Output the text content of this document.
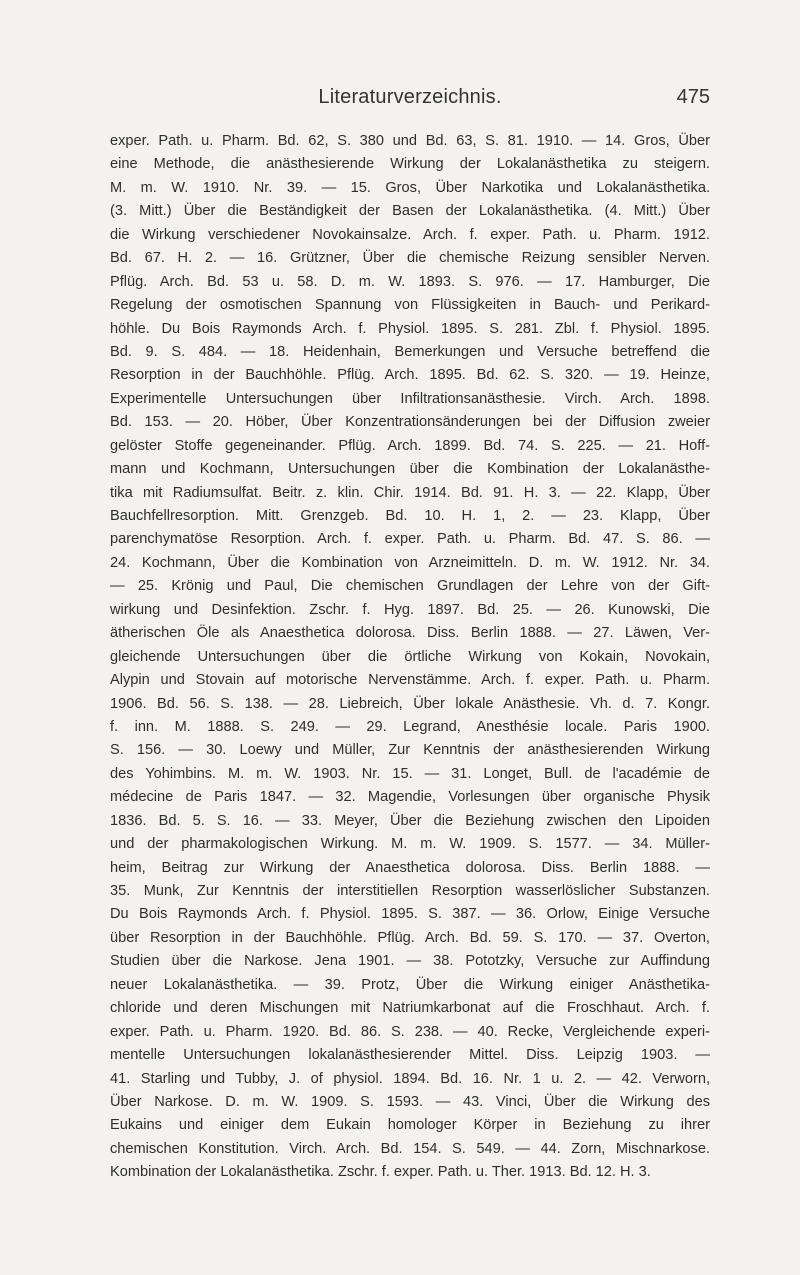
Literaturverzeichnis.	475
exper. Path. u. Pharm. Bd. 62, S. 380 und Bd. 63, S. 81. 1910. — 14. Gros, Über
eine Methode, die anästhesierende Wirkung der Lokalanästhetika zu steigern.
M. m. W. 1910. Nr. 39. — 15. Gros, Über Narkotika und Lokalanästhetika.
(3. Mitt.) Über die Beständigkeit der Basen der Lokalanästhetika. (4. Mitt.) Über
die Wirkung verschiedener Novokainsalze. Arch. f. exper. Path. u. Pharm. 1912.
Bd. 67. H. 2. — 16. Grützner, Über die chemische Reizung sensibler Nerven.
Pflüg. Arch. Bd. 53 u. 58. D. m. W. 1893. S. 976. — 17. Hamburger, Die
Regelung der osmotischen Spannung von Flüssigkeiten in Bauch- und Perikard-
höhle. Du Bois Raymonds Arch. f. Physiol. 1895. S. 281. Zbl. f. Physiol. 1895.
Bd. 9. S. 484. — 18. Heidenhain, Bemerkungen und Versuche betreffend die
Resorption in der Bauchhöhle. Pflüg. Arch. 1895. Bd. 62. S. 320. — 19. Heinze,
Experimentelle Untersuchungen über Infiltrationsanästhesie. Virch. Arch. 1898.
Bd. 153. — 20. Höber, Über Konzentrationsänderungen bei der Diffusion zweier
gelöster Stoffe gegeneinander. Pflüg. Arch. 1899. Bd. 74. S. 225. — 21. Hoff-
mann und Kochmann, Untersuchungen über die Kombination der Lokalanästhe-
tika mit Radiumsulfat. Beitr. z. klin. Chir. 1914. Bd. 91. H. 3. — 22. Klapp, Über
Bauchfellresorption. Mitt. Grenzgeb. Bd. 10. H. 1, 2. — 23. Klapp, Über
parenchymatöse Resorption. Arch. f. exper. Path. u. Pharm. Bd. 47. S. 86. —
24. Kochmann, Über die Kombination von Arzneimitteln. D. m. W. 1912. Nr. 34.
— 25. Krönig und Paul, Die chemischen Grundlagen der Lehre von der Gift-
wirkung und Desinfektion. Zschr. f. Hyg. 1897. Bd. 25. — 26. Kunowski, Die
ätherischen Öle als Anaesthetica dolorosa. Diss. Berlin 1888. — 27. Läwen, Ver-
gleichende Untersuchungen über die örtliche Wirkung von Kokain, Novokain,
Alypin und Stovain auf motorische Nervenstämme. Arch. f. exper. Path. u. Pharm.
1906. Bd. 56. S. 138. — 28. Liebreich, Über lokale Anästhesie. Vh. d. 7. Kongr.
f. inn. M. 1888. S. 249. — 29. Legrand, Anesthésie locale. Paris 1900.
S. 156. — 30. Loewy und Müller, Zur Kenntnis der anästhesierenden Wirkung
des Yohimbins. M. m. W. 1903. Nr. 15. — 31. Longet, Bull. de l'académie de
médecine de Paris 1847. — 32. Magendie, Vorlesungen über organische Physik
1836. Bd. 5. S. 16. — 33. Meyer, Über die Beziehung zwischen den Lipoiden
und der pharmakologischen Wirkung. M. m. W. 1909. S. 1577. — 34. Müller-
heim, Beitrag zur Wirkung der Anaesthetica dolorosa. Diss. Berlin 1888. —
35. Munk, Zur Kenntnis der interstitiellen Resorption wasserlöslicher Substanzen.
Du Bois Raymonds Arch. f. Physiol. 1895. S. 387. — 36. Orlow, Einige Versuche
über Resorption in der Bauchhöhle. Pflüg. Arch. Bd. 59. S. 170. — 37. Overton,
Studien über die Narkose. Jena 1901. — 38. Pototzky, Versuche zur Auffindung
neuer Lokalanästhetika. — 39. Protz, Über die Wirkung einiger Anästhetika-
chloride und deren Mischungen mit Natriumkarbonat auf die Froschhaut. Arch. f.
exper. Path. u. Pharm. 1920. Bd. 86. S. 238. — 40. Recke, Vergleichende experi-
mentelle Untersuchungen lokalanästhesierender Mittel. Diss. Leipzig 1903. —
41. Starling und Tubby, J. of physiol. 1894. Bd. 16. Nr. 1 u. 2. — 42. Verworn,
Über Narkose. D. m. W. 1909. S. 1593. — 43. Vinci, Über die Wirkung des
Eukains und einiger dem Eukain homologer Körper in Beziehung zu ihrer
chemischen Konstitution. Virch. Arch. Bd. 154. S. 549. — 44. Zorn, Mischnarkose.
Kombination der Lokalanästhetika. Zschr. f. exper. Path. u. Ther. 1913. Bd. 12. H. 3.
